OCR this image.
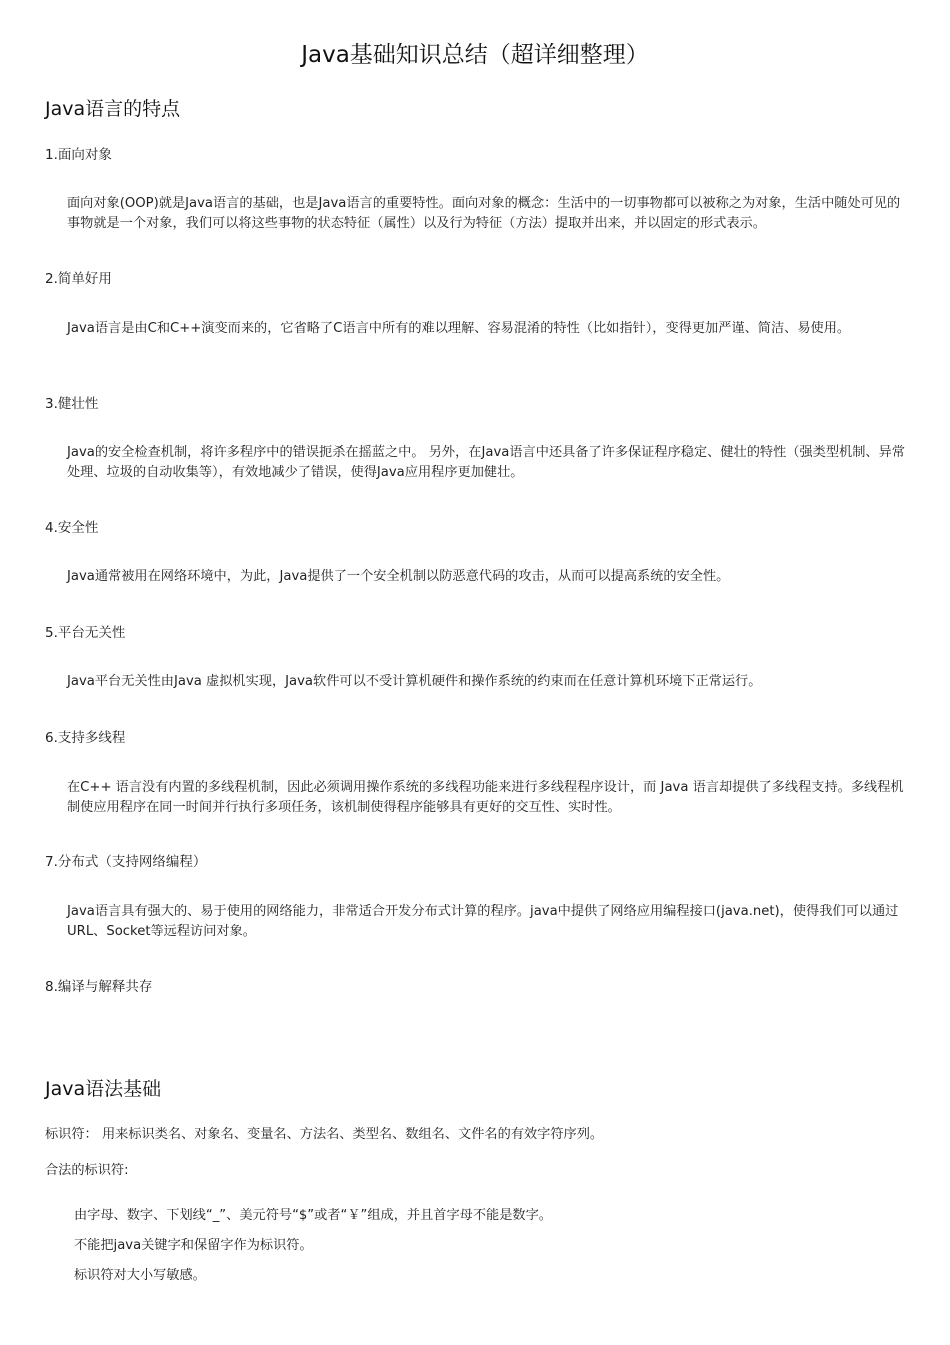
Java基础知识总结（超详细整理）
Java语言的特点

1.面向对象

面向对象(OOP)就是Java语言的基础，也是Java语言的重要特性。面向对象的概念：生活中的一切事物都可以被称之为对象，生活中随处可见的事物就是一个对象，我们可以将这些事物的状态特征（属性）以及行为特征（方法）提取并出来，并以固定的形式表示。

2.简单好用

Java语言是由C和C++演变而来的，它省略了C语言中所有的难以理解、容易混淆的特性（比如指针），变得更加严谨、简洁、易使用。

3.健壮性

Java的安全检查机制，将许多程序中的错误扼杀在摇蓝之中。 另外，在Java语言中还具备了许多保证程序稳定、健壮的特性（强类型机制、异常处理、垃圾的自动收集等），有效地减少了错误，使得Java应用程序更加健壮。

4.安全性

Java通常被用在网络环境中，为此，Java提供了一个安全机制以防恶意代码的攻击，从而可以提高系统的安全性。

5.平台无关性

Java平台无关性由Java 虚拟机实现，Java软件可以不受计算机硬件和操作系统的约束而在任意计算机环境下正常运行。

6.支持多线程

在C++ 语言没有内置的多线程机制，因此必须调用操作系统的多线程功能来进行多线程程序设计，而 Java 语言却提供了多线程支持。多线程机制使应用程序在同一时间并行执行多项任务，该机制使得程序能够具有更好的交互性、实时性。

7.分布式（支持网络编程）

Java语言具有强大的、易于使用的网络能力，非常适合开发分布式计算的程序。java中提供了网络应用编程接口(java.net)，使得我们可以通过URL、Socket等远程访问对象。

8.编译与解释共存

Java语法基础

标识符： 用来标识类名、对象名、变量名、方法名、类型名、数组名、文件名的有效字符序列。

合法的标识符:

由字母、数字、下划线“_”、美元符号“$”或者“￥”组成，并且首字母不能是数字。

不能把java关键字和保留字作为标识符。

标识符对大小写敏感。
